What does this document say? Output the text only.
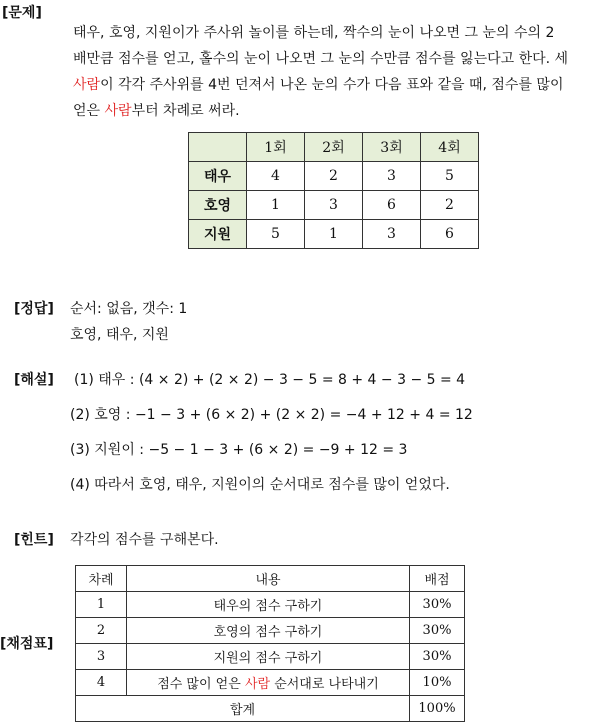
[문제]
태우, 호영, 지원이가 주사위 놀이를 하는데, 짝수의 눈이 나오면 그 눈의 수의 2
배만큼 점수를 얻고, 홀수의 눈이 나오면 그 눈의 수만큼 점수를 잃는다고 한다. 세
사람이 각각 주사위를 4번 던져서 나온 눈의 수가 다음 표와 같을 때, 점수를 많이
얻은 사람부터 차례로 써라.
	1회	2회	3회	4회
태우	4	2	3	5
호영	1	3	6	2
지원	5	1	3	6
[정답] 순서: 없음, 갯수: 1
호영, 태우, 지원
[해설] (1) 태우 : (4 × 2) + (2 × 2) − 3 − 5 = 8 + 4 − 3 − 5 = 4
(2) 호영 : −1 − 3 + (6 × 2) + (2 × 2) = −4 + 12 + 4 = 12
(3) 지원이 : −5 − 1 − 3 + (6 × 2) = −9 + 12 = 3
(4) 따라서 호영, 태우, 지원이의 순서대로 점수를 많이 얻었다.
[힌트] 각각의 점수를 구해본다.
[채점표]
차례	내용	배점
1	태우의 점수 구하기	30%
2	호영의 점수 구하기	30%
3	지원의 점수 구하기	30%
4	점수 많이 얻은 사람 순서대로 나타내기	10%
합계		100%
